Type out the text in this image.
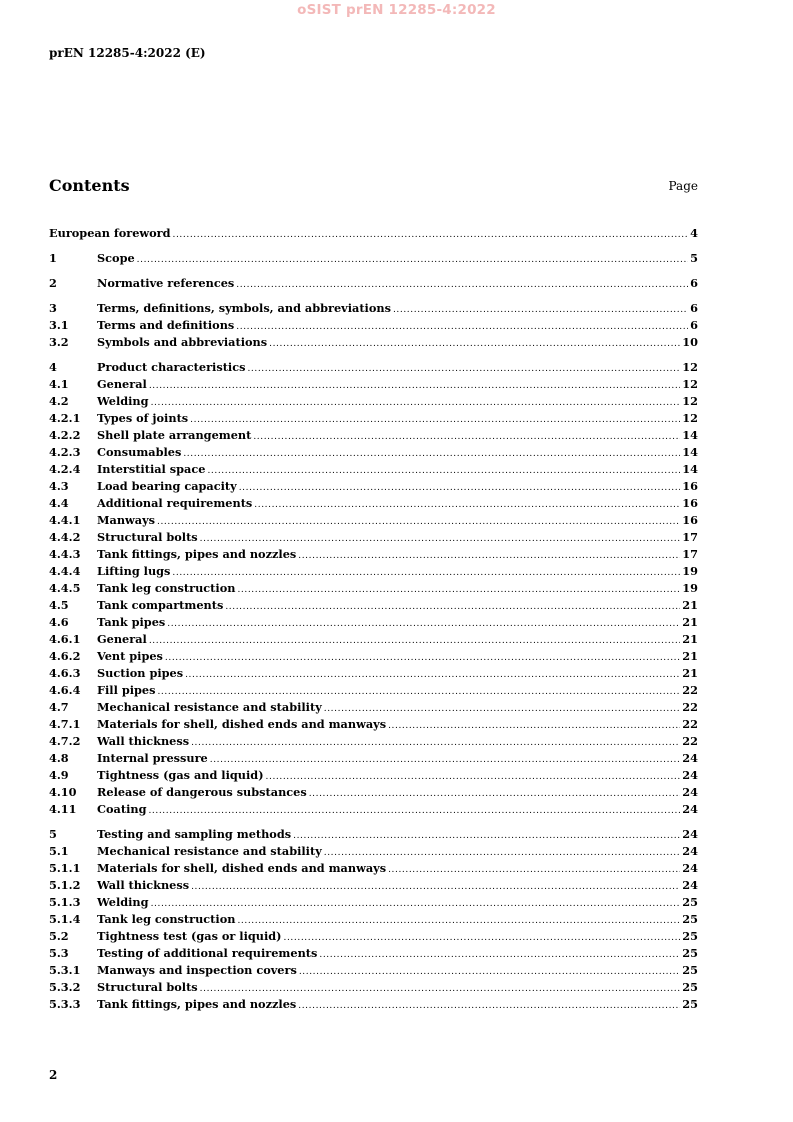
oSIST prEN 12285-4:2022
prEN 12285-4:2022 (E)
Contents	Page
European foreword .....	4
1	Scope .....	5
2	Normative references .....	6
3	Terms, definitions, symbols, and abbreviations .....	6
3.1	Terms and definitions .....	6
3.2	Symbols and abbreviations .....	10
4	Product characteristics .....	12
4.1	General .....	12
4.2	Welding .....	12
4.2.1	Types of joints .....	12
4.2.2	Shell plate arrangement .....	14
4.2.3	Consumables .....	14
4.2.4	Interstitial space .....	14
4.3	Load bearing capacity .....	16
4.4	Additional requirements .....	16
4.4.1	Manways .....	16
4.4.2	Structural bolts .....	17
4.4.3	Tank fittings, pipes and nozzles .....	17
4.4.4	Lifting lugs .....	19
4.4.5	Tank leg construction .....	19
4.5	Tank compartments .....	21
4.6	Tank pipes .....	21
4.6.1	General .....	21
4.6.2	Vent pipes .....	21
4.6.3	Suction pipes .....	21
4.6.4	Fill pipes .....	22
4.7	Mechanical resistance and stability .....	22
4.7.1	Materials for shell, dished ends and manways .....	22
4.7.2	Wall thickness .....	22
4.8	Internal pressure .....	24
4.9	Tightness (gas and liquid) .....	24
4.10	Release of dangerous substances .....	24
4.11	Coating .....	24
5	Testing and sampling methods .....	24
5.1	Mechanical resistance and stability .....	24
5.1.1	Materials for shell, dished ends and manways .....	24
5.1.2	Wall thickness .....	24
5.1.3	Welding .....	25
5.1.4	Tank leg construction .....	25
5.2	Tightness test (gas or liquid) .....	25
5.3	Testing of additional requirements .....	25
5.3.1	Manways and inspection covers .....	25
5.3.2	Structural bolts .....	25
5.3.3	Tank fittings, pipes and nozzles .....	25
2
